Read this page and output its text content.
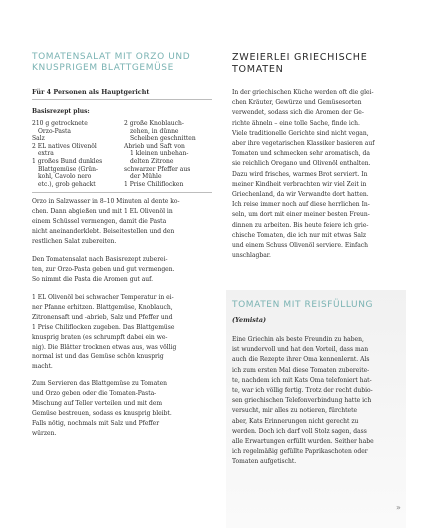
TOMATENSALAT MIT ORZO UND
KNUSPRIGEM BLATTGEMÜSE
Für 4 Personen als Hauptgericht
Basisrezept plus:
210 g getrocknete
Orzo-Pasta
Salz
2 EL natives Olivenöl
extra
1 großes Bund dunkles
Blattgemüse (Grün-
kohl, Cavolo nero
etc.), grob gehackt
2 große Knoblauch-
zehen, in dünne
Scheiben geschnitten
Abrieb und Saft von
1 kleinen unbehan-
delten Zitrone
schwarzer Pfeffer aus
der Mühle
1 Prise Chiliflocken
Orzo in Salzwasser in 8–10 Minuten al dente ko-
chen. Dann abgießen und mit 1 EL Olivenöl in
einem Schüssel vermengen, damit die Pasta
nicht aneinanderklebt. Beiseitestellen und den
restlichen Salat zubereiten.
Den Tomatensalat nach Basisrezept zuberei-
ten, zur Orzo-Pasta geben und gut vermengen.
So nimmt die Pasta die Aromen gut auf.
1 EL Olivenöl bei schwacher Temperatur in ei-
ner Pfanne erhitzen. Blattgemüse, Knoblauch,
Zitronensaft und -abrieb, Salz und Pfeffer und
1 Prise Chiliflocken zugeben. Das Blattgemüse
knusprig braten (es schrumpft dabei ein we-
nig). Die Blätter trocknen etwas aus, was völlig
normal ist und das Gemüse schön knusprig
macht.
Zum Servieren das Blattgemüse zu Tomaten
und Orzo geben oder die Tomaten-Pasta-
Mischung auf Teller verteilen und mit dem
Gemüse bestreuen, sodass es knusprig bleibt.
Falls nötig, nochmals mit Salz und Pfeffer
würzen.
ZWEIERLEI GRIECHISCHE
TOMATEN
In der griechischen Küche werden oft die glei-
chen Kräuter, Gewürze und Gemüsesorten
verwendet, sodass sich die Aromen der Ge-
richte ähneln – eine tolle Sache, finde ich.
Viele traditionelle Gerichte sind nicht vegan,
aber ihre vegetarischen Klassiker basieren auf
Tomaten und schmecken sehr aromatisch, da
sie reichlich Oregano und Olivenöl enthalten.
Dazu wird frisches, warmes Brot serviert. In
meiner Kindheit verbrachten wir viel Zeit in
Griechenland, da wir Verwandte dort hatten.
Ich reise immer noch auf diese herrlichen In-
seln, um dort mit einer meiner besten Freun-
dinnen zu arbeiten. Bis heute feiere ich grie-
chische Tomaten, die ich nur mit etwas Salz
und einem Schuss Olivenöl serviere. Einfach
unschlagbar.
TOMATEN MIT REISFÜLLUNG
(Yemista)
Eine Griechin als beste Freundin zu haben,
ist wundervoll und hat den Vorteil, dass man
auch die Rezepte ihrer Oma kennenlernt. Als
ich zum ersten Mal diese Tomaten zubereite-
te, nachdem ich mit Kats Oma telefoniert hat-
te, war ich völlig fertig. Trotz der recht dubio-
sen griechischen Telefonverbindung hatte ich
versucht, mir alles zu notieren, fürchtete
aber, Kats Erinnerungen nicht gerecht zu
werden. Doch ich darf voll Stolz sagen, dass
alle Erwartungen erfüllt wurden. Seither habe
ich regelmäßig gefüllte Paprikaschoten oder
Tomaten aufgetischt.
»
